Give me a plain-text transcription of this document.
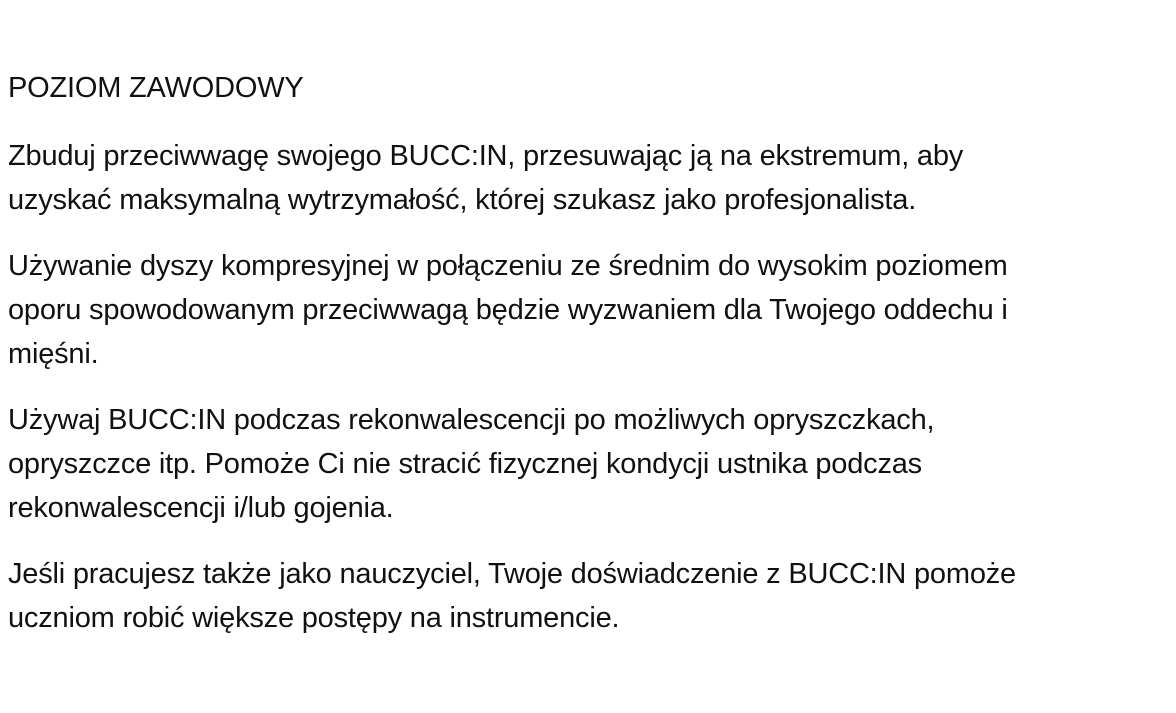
POZIOM ZAWODOWY

Zbuduj przeciwwagę swojego BUCC:IN, przesuwając ją na ekstremum, aby
uzyskać maksymalną wytrzymałość, której szukasz jako profesjonalista.

Używanie dyszy kompresyjnej w połączeniu ze średnim do wysokim poziomem
oporu spowodowanym przeciwwagą będzie wyzwaniem dla Twojego oddechu i
mięśni.

Używaj BUCC:IN podczas rekonwalescencji po możliwych opryszczkach,
opryszczce itp. Pomoże Ci nie stracić fizycznej kondycji ustnika podczas
rekonwalescencji i/lub gojenia.

Jeśli pracujesz także jako nauczyciel, Twoje doświadczenie z BUCC:IN pomoże
uczniom robić większe postępy na instrumencie.
